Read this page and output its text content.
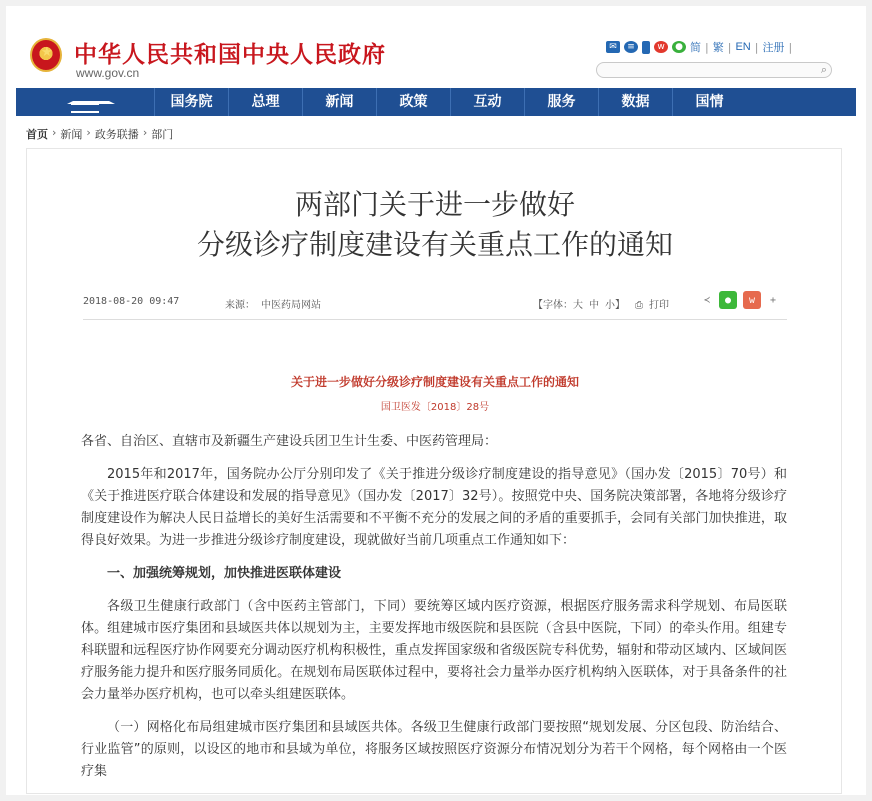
★
中华人民共和国中央人民政府
www.gov.cn
✉	≡	w	● 简 | 繁 | EN | 注册 |
⌕
国务院	总理	新闻	政策	互动	服务	数据	国情
首页 › 新闻 › 政务联播 › 部门
两部门关于进一步做好
分级诊疗制度建设有关重点工作的通知
2018-08-20 09:47	来源： 中医药局网站	【字体：大 中 小】 ⎙ 打印	≺	●	w	+
关于进一步做好分级诊疗制度建设有关重点工作的通知
国卫医发〔2018〕28号

各省、自治区、直辖市及新疆生产建设兵团卫生计生委、中医药管理局：

2015年和2017年，国务院办公厅分别印发了《关于推进分级诊疗制度建设的指导意见》（国办发〔2015〕70号）和《关于推进医疗联合体建设和发展的指导意见》（国办发〔2017〕32号）。按照党中央、国务院决策部署，各地将分级诊疗制度建设作为解决人民日益增长的美好生活需要和不平衡不充分的发展之间的矛盾的重要抓手，会同有关部门加快推进，取得良好效果。为进一步推进分级诊疗制度建设，现就做好当前几项重点工作通知如下：

一、加强统筹规划，加快推进医联体建设

各级卫生健康行政部门（含中医药主管部门，下同）要统筹区域内医疗资源，根据医疗服务需求科学规划、布局医联体。组建城市医疗集团和县域医共体以规划为主，主要发挥地市级医院和县医院（含县中医院，下同）的牵头作用。组建专科联盟和远程医疗协作网要充分调动医疗机构积极性，重点发挥国家级和省级医院专科优势，辐射和带动区域内、区域间医疗服务能力提升和医疗服务同质化。在规划布局医联体过程中，要将社会力量举办医疗机构纳入医联体，对于具备条件的社会力量举办医疗机构，也可以牵头组建医联体。

（一）网格化布局组建城市医疗集团和县域医共体。各级卫生健康行政部门要按照“规划发展、分区包段、防治结合、行业监管”的原则，以设区的地市和县域为单位，将服务区域按照医疗资源分布情况划分为若干个网格，每个网格由一个医疗集
